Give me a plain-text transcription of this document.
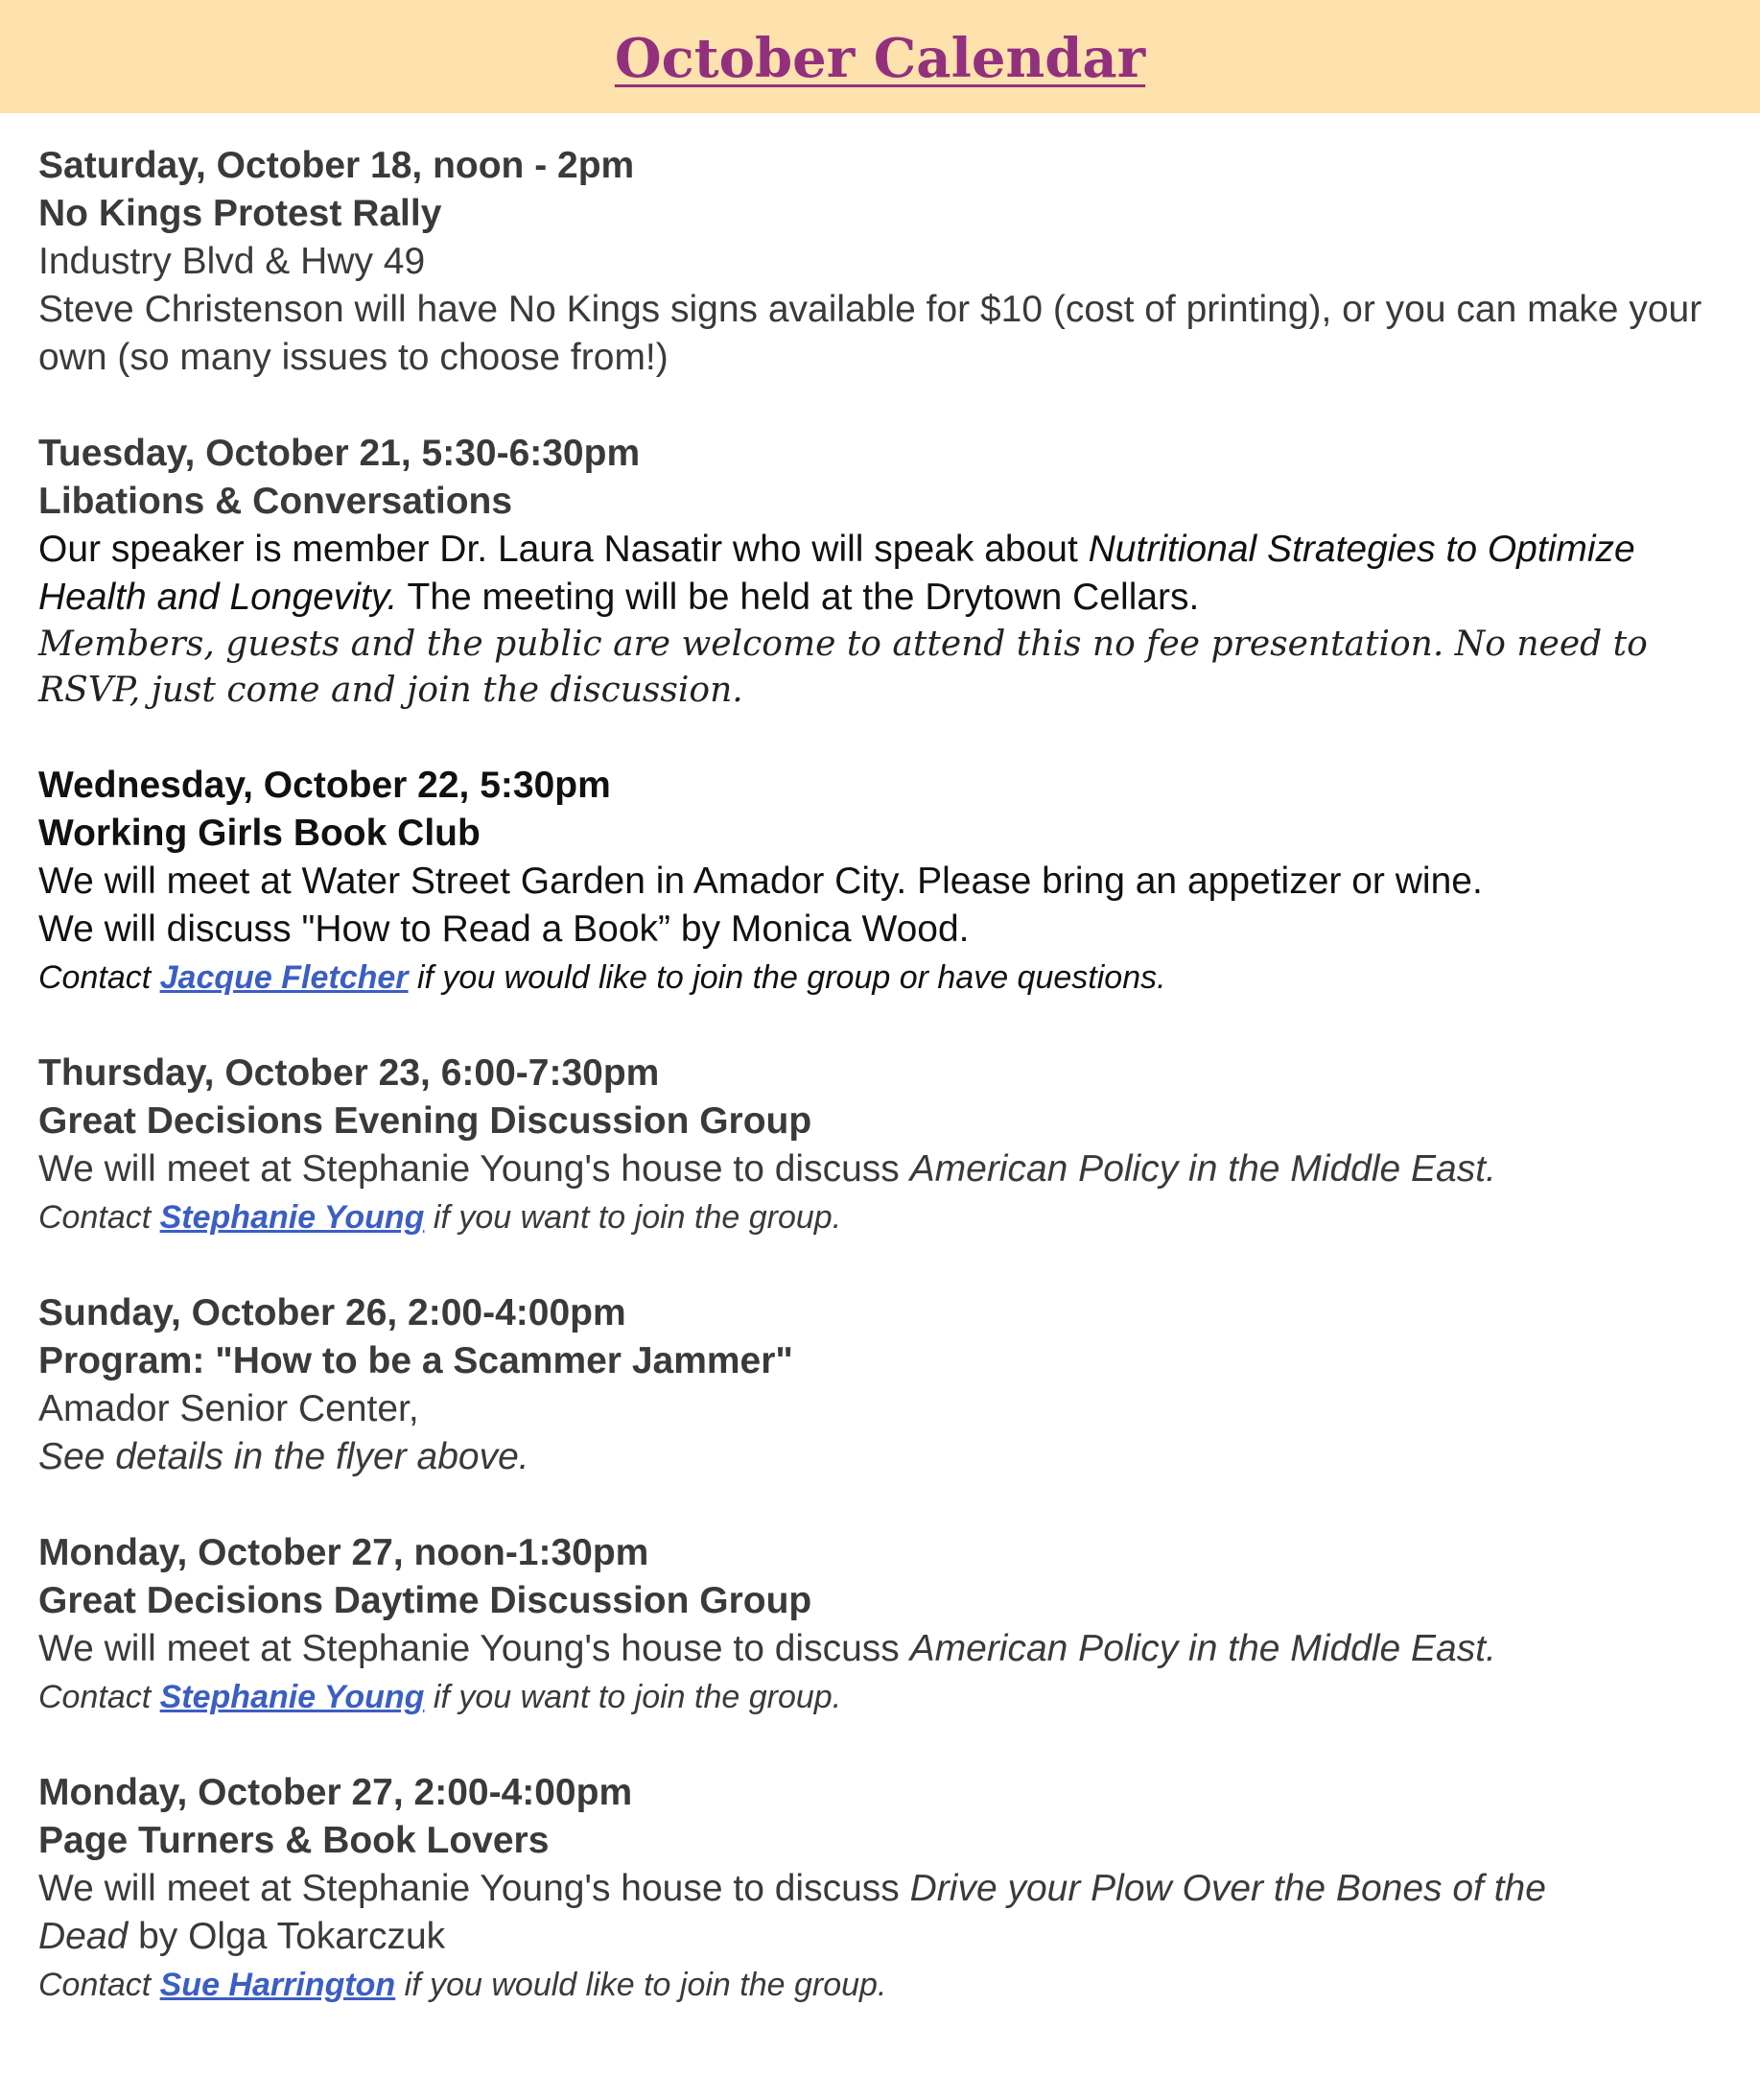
October Calendar
Saturday, October 18, noon - 2pm
No Kings Protest Rally
Industry Blvd & Hwy 49
Steve Christenson will have No Kings signs available for $10 (cost of printing), or you can make your own (so many issues to choose from!)
Tuesday, October 21, 5:30-6:30pm
Libations & Conversations
Our speaker is member Dr. Laura Nasatir who will speak about Nutritional Strategies to Optimize Health and Longevity. The meeting will be held at the Drytown Cellars.
Members, guests and the public are welcome to attend this no fee presentation. No need to RSVP, just come and join the discussion.
Wednesday, October 22, 5:30pm
Working Girls Book Club
We will meet at Water Street Garden in Amador City. Please bring an appetizer or wine.
We will discuss "How to Read a Book” by Monica Wood.
Contact Jacque Fletcher if you would like to join the group or have questions.
Thursday, October 23, 6:00-7:30pm
Great Decisions Evening Discussion Group
We will meet at Stephanie Young's house to discuss American Policy in the Middle East.
Contact Stephanie Young if you want to join the group.
Sunday, October 26, 2:00-4:00pm
Program: "How to be a Scammer Jammer"
Amador Senior Center,
See details in the flyer above.
Monday, October 27, noon-1:30pm
Great Decisions Daytime Discussion Group
We will meet at Stephanie Young's house to discuss American Policy in the Middle East.
Contact Stephanie Young if you want to join the group.
Monday, October 27, 2:00-4:00pm
Page Turners & Book Lovers
We will meet at Stephanie Young's house to discuss Drive your Plow Over the Bones of the
Dead by Olga Tokarczuk
Contact Sue Harrington if you would like to join the group.
